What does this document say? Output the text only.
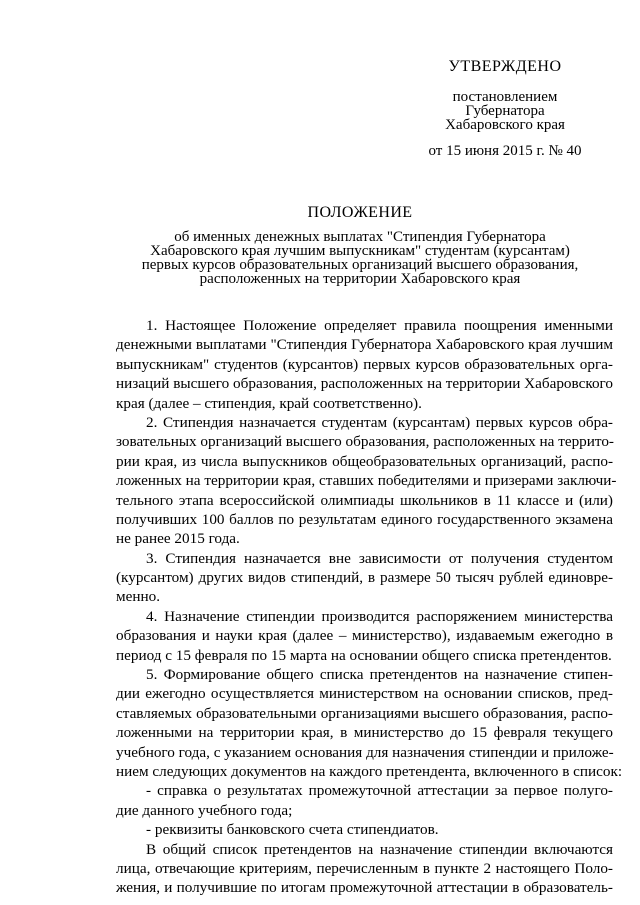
УТВЕРЖДЕНО
постановлением
Губернатора
Хабаровского края
от 15 июня 2015 г. № 40
ПОЛОЖЕНИЕ
об именных денежных выплатах "Стипендия Губернатора
Хабаровского края лучшим выпускникам" студентам (курсантам)
первых курсов образовательных организаций высшего образования,
расположенных на территории Хабаровского края
1. Настоящее Положение определяет правила поощрения именными
денежными выплатами "Стипендия Губернатора Хабаровского края лучшим
выпускникам" студентов (курсантов) первых курсов образовательных орга-
низаций высшего образования, расположенных на территории Хабаровского
края (далее – стипендия, край соответственно).
2. Стипендия назначается студентам (курсантам) первых курсов обра-
зовательных организаций высшего образования, расположенных на террито-
рии края, из числа выпускников общеобразовательных организаций, распо-
ложенных на территории края, ставших победителями и призерами заключи-
тельного этапа всероссийской олимпиады школьников в 11 классе и (или)
получивших 100 баллов по результатам единого государственного экзамена
не ранее 2015 года.
3. Стипендия назначается вне зависимости от получения студентом
(курсантом) других видов стипендий, в размере 50 тысяч рублей единовре-
менно.
4. Назначение стипендии производится распоряжением министерства
образования и науки края (далее – министерство), издаваемым ежегодно в
период с 15 февраля по 15 марта на основании общего списка претендентов.
5. Формирование общего списка претендентов на назначение стипен-
дии ежегодно осуществляется министерством на основании списков, пред-
ставляемых образовательными организациями высшего образования, распо-
ложенными на территории края, в министерство до 15 февраля текущего
учебного года, с указанием основания для назначения стипендии и приложе-
нием следующих документов на каждого претендента, включенного в список:
- справка о результатах промежуточной аттестации за первое полуго-
дие данного учебного года;
- реквизиты банковского счета стипендиатов.
В общий список претендентов на назначение стипендии включаются
лица, отвечающие критериям, перечисленным в пункте 2 настоящего Поло-
жения, и получившие по итогам промежуточной аттестации в образователь-
